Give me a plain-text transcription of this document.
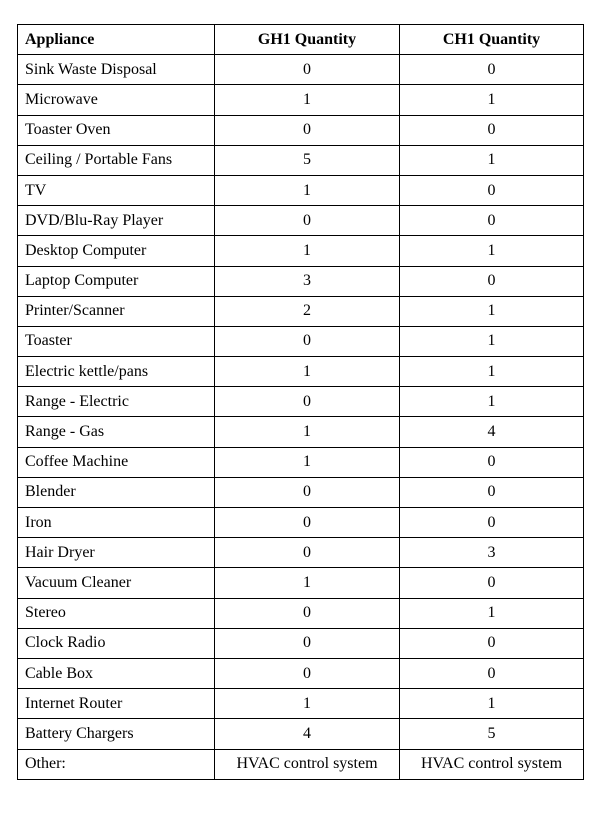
Appliance	GH1 Quantity	CH1 Quantity
Sink Waste Disposal	0	0
Microwave	1	1
Toaster Oven	0	0
Ceiling / Portable Fans	5	1
TV	1	0
DVD/Blu-Ray Player	0	0
Desktop Computer	1	1
Laptop Computer	3	0
Printer/Scanner	2	1
Toaster	0	1
Electric kettle/pans	1	1
Range - Electric	0	1
Range - Gas	1	4
Coffee Machine	1	0
Blender	0	0
Iron	0	0
Hair Dryer	0	3
Vacuum Cleaner	1	0
Stereo	0	1
Clock Radio	0	0
Cable Box	0	0
Internet Router	1	1
Battery Chargers	4	5
Other:	HVAC control system	HVAC control system
